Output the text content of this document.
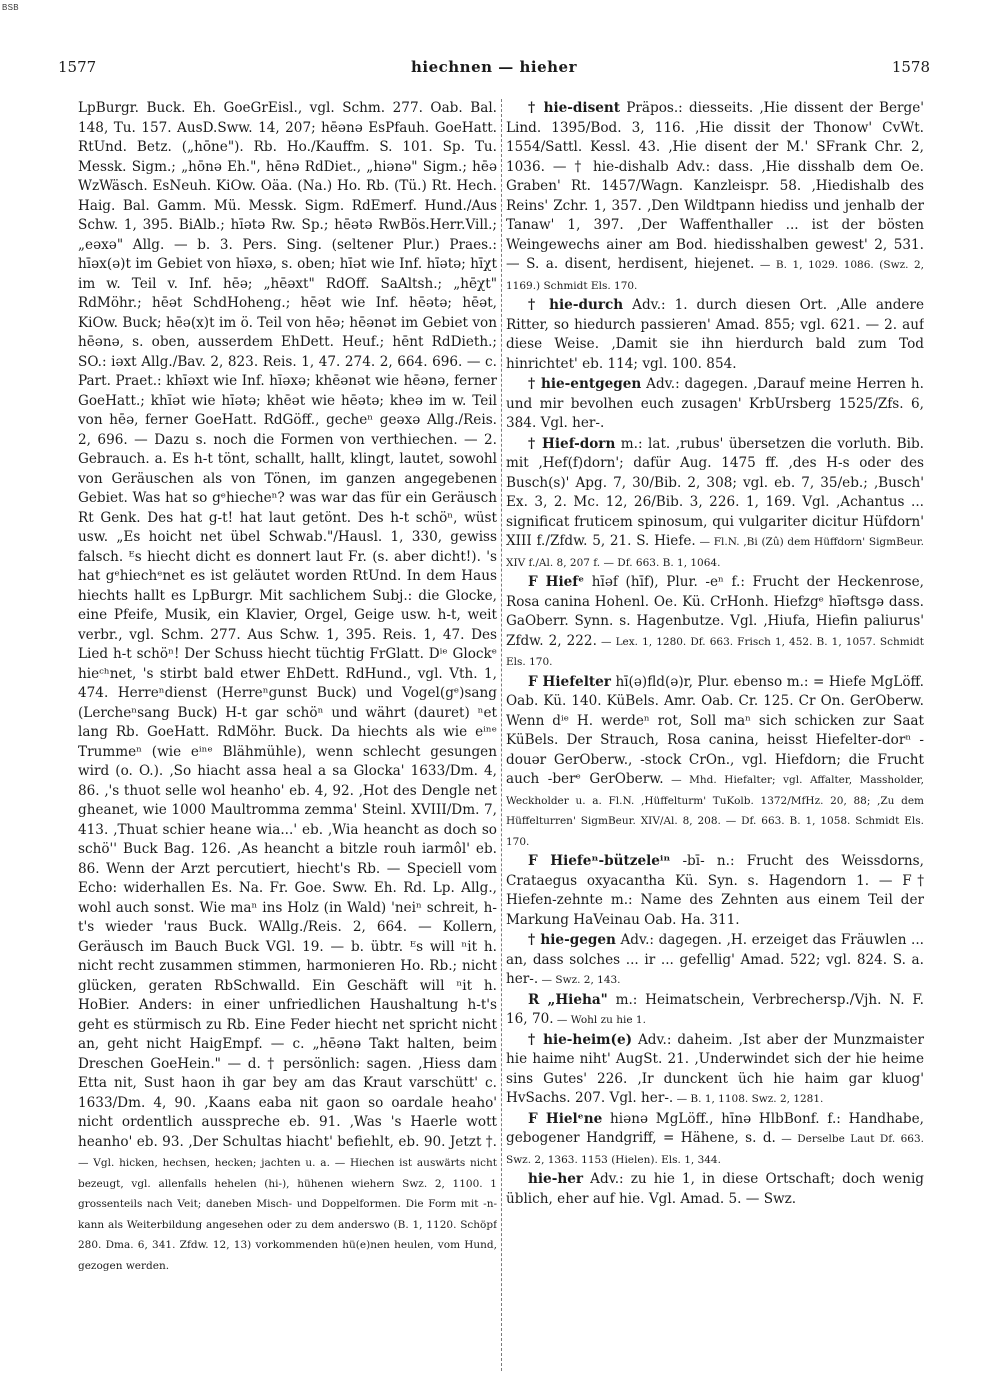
BSB
1577	hiechnen — hieher	1578

LpBurgr. Buck. Eh. GoeGrEisl., vgl. Schm. 277. Oab. Bal. 148, Tu. 157. AusD.Sww. 14, 207; hēənə EsPfauh. GoeHatt. RtUnd. Betz. („hōne"). Rb. Ho./Kauffm. S. 101. Sp. Tu. Messk. Sigm.; „hōnə Eh.", hēnə RdDiet., „hiənə" Sigm.; hēə WzWäsch. EsNeuh. KiOw. Oäa. (Na.) Ho. Rb. (Tü.) Rt. Hech. Haig. Bal. Gamm. Mü. Messk. Sigm. RdEmerf. Hund./Aus Schw. 1, 395. BiAlb.; hīətə Rw. Sp.; hēətə RwBös.Herr.Vill.; „eəxə" Allg. — b. 3. Pers. Sing. (seltener Plur.) Praes.: hīəx(ə)t im Gebiet von hīəxə, s. oben; hīət wie Inf. hīətə; hīχt im w. Teil v. Inf. hēə; „hēəxt" RdOff. SaAltsh.; „hēχt" RdMöhr.; hēət SchdHoheng.; hēət wie Inf. hēətə; hēət, KiOw. Buck; hēə(x)t im ö. Teil von hēə; hēənət im Gebiet von hēənə, s. oben, ausserdem EhDett. Heuf.; hēnt RdDieth.; SO.: iəxt Allg./Bav. 2, 823. Reis. 1, 47. 274. 2, 664. 696. — c. Part. Praet.: khīəxt wie Inf. hīəxə; khēənət wie hēənə, ferner GoeHatt.; khīət wie hīətə; khēət wie hēətə; kheə im w. Teil von hēə, ferner GoeHatt. RdGöff., gecheⁿ geəxə Allg./Reis. 2, 696. — Dazu s. noch die Formen von verthiechen. — 2. Gebrauch. a. Es h-t tönt, schallt, hallt, klingt, lautet, sowohl von Geräuschen als von Tönen, im ganzen angegebenen Gebiet. Was hat so gᵉhiecheⁿ? was war das für ein Geräusch Rt Genk. Des hat g-t! hat laut getönt. Des h-t schöⁿ, wüst usw. „Es hoicht net übel Schwab."/Hausl. 1, 330, gewiss falsch. ᴱs hiecht dicht es donnert laut Fr. (s. aber dicht!). 's hat gᵉhiechᵉnet es ist geläutet worden RtUnd. In dem Haus hiechts hallt es LpBurgr. Mit sachlichem Subj.: die Glocke, eine Pfeife, Musik, ein Klavier, Orgel, Geige usw. h-t, weit verbr., vgl. Schm. 277. Aus Schw. 1, 395. Reis. 1, 47. Des Lied h-t schöⁿ! Der Schuss hiecht tüchtig FrGlatt. Dⁱᵉ Glockᵉ hieᶜʰnet, 's stirbt bald etwer EhDett. RdHund., vgl. Vth. 1, 474. Herreⁿdienst (Herreⁿgunst Buck) und Vogel(gᵉ)sang (Lercheⁿsang Buck) H-t gar schöⁿ und währt (dauret) ⁿet lang Rb. GoeHatt. RdMöhr. Buck. Da hiechts als wie eⁱⁿᵉ Trummeⁿ (wie eⁱⁿᵉ Blähmühle), wenn schlecht gesungen wird (o. O.). ‚So hiacht assa heal a sa Glocka' 1633/Dm. 4, 86. ‚'s thuot selle wol heanho' eb. 4, 92. ‚Hot des Dengle net gheanet, wie 1000 Maultromma zemma' Steinl. XVIII/Dm. 7, 413. ‚Thuat schier heane wia...' eb. ‚Wia heancht as doch so schö'' Buck Bag. 126. ‚As heancht a bitzle rouh iarmôl' eb. 86. Wenn der Arzt percutiert, hiecht's Rb. — Speciell vom Echo: widerhallen Es. Na. Fr. Goe. Sww. Eh. Rd. Lp. Allg., wohl auch sonst. Wie maⁿ ins Holz (in Wald) 'neiⁿ schreit, h-t's wieder 'raus Buck. WAllg./Reis. 2, 664. — Kollern, Geräusch im Bauch Buck VGl. 19. — b. übtr. ᴱs will ⁿit h. nicht recht zusammen stimmen, harmonieren Ho. Rb.; nicht glücken, geraten RbSchwalld. Ein Geschäft will ⁿit h. HoBier. Anders: in einer unfriedlichen Haushaltung h-t's geht es stürmisch zu Rb. Eine Feder hiecht net spricht nicht an, geht nicht HaigEmpf. — c. „hēənə Takt halten, beim Dreschen GoeHein." — d. † persönlich: sagen. ‚Hiess dam Etta nit, Sust haon ih gar bey am das Kraut varschütt' c. 1633/Dm. 4, 90. ‚Kaans eaba nit gaon so oardale heaho' nicht ordentlich ausspreche eb. 91. ‚Was 's Haerle wott heanho' eb. 93. ‚Der Schultas hiacht' befiehlt, eb. 90. Jetzt †. — Vgl. hicken, hechsen, hecken; jachten u. a. — Hiechen ist auswärts nicht bezeugt, vgl. allenfalls hehelen (hi-), hühenen wiehern Swz. 2, 1100. 1 grossenteils nach Veit; daneben Misch- und Doppelformen. Die Form mit -n- kann als Weiterbildung angesehen oder zu dem anderswo (B. 1, 1120. Schöpf 280. Dma. 6, 341. Zfdw. 12, 13) vorkommenden hü(e)nen heulen, vom Hund, gezogen werden.

† hie-disent Präpos.: diesseits. ‚Hie dissent der Berge' Lind. 1395/Bod. 3, 116. ‚Hie dissit der Thonow' CvWt. 1554/Sattl. Kessl. 43. ‚Hie disent der M.' SFrank Chr. 2, 1036. — † hie-dishalb Adv.: dass. ‚Hie disshalb dem Oe. Graben' Rt. 1457/Wagn. Kanzleispr. 58. ‚Hiedishalb des Reins' Zchr. 1, 357. ‚Den Wildtpann hiediss und jenhalb der Tanaw' 1, 397. ‚Der Waffenthaller ... ist der bösten Weingewechs ainer am Bod. hiedisshalben gewest' 2, 531. — S. a. disent, herdisent, hiejenet. — B. 1, 1029. 1086. (Swz. 2, 1169.) Schmidt Els. 170.

† hie-durch Adv.: 1. durch diesen Ort. ‚Alle andere Ritter, so hiedurch passieren' Amad. 855; vgl. 621. — 2. auf diese Weise. ‚Damit sie ihn hierdurch bald zum Tod hinrichtet' eb. 114; vgl. 100. 854.

† hie-entgegen Adv.: dagegen. ‚Darauf meine Herren h. und mir bevolhen euch zusagen' KrbUrsberg 1525/Zfs. 6, 384. Vgl. her-.

† Hief-dorn m.: lat. ‚rubus' übersetzen die vorluth. Bib. mit ‚Hef(f)dorn'; dafür Aug. 1475 ff. ‚des H-s oder des Busch(s)' Apg. 7, 30/Bib. 2, 308; vgl. eb. 7, 35/eb.; ‚Busch' Ex. 3, 2. Mc. 12, 26/Bib. 3, 226. 1, 169. Vgl. ‚Achantus ... significat fruticem spinosum, qui vulgariter dicitur Hüfdorn' XIII f./Zfdw. 5, 21. S. Hiefe. — Fl.N. ‚Bi (Zû) dem Hüffdorn' SigmBeur. XIV f./Al. 8, 207 f. — Df. 663. B. 1, 1064.

F Hiefᵉ hīəf (hīf), Plur. -eⁿ f.: Frucht der Heckenrose, Rosa canina Hohenl. Oe. Kü. CrHonh. Hiefzgᵉ hīəftsgə dass. GaOberr. Synn. s. Hagenbutze. Vgl. ‚Hiufa, Hiefin paliurus' Zfdw. 2, 222. — Lex. 1, 1280. Df. 663. Frisch 1, 452. B. 1, 1057. Schmidt Els. 170.

F Hiefelter hī(ə)fld(ə)r, Plur. ebenso m.: = Hiefe MgLöff. Oab. Kü. 140. KüBels. Amr. Oab. Cr. 125. Cr On. GerOberw. Wenn dⁱᵉ H. werdeⁿ rot, Soll maⁿ sich schicken zur Saat KüBels. Der Strauch, Rosa canina, heisst Hiefelter-dorⁿ -douər GerOberw., -stock CrOn., vgl. Hiefdorn; die Frucht auch -berᵉ GerOberw. — Mhd. Hiefalter; vgl. Affalter, Massholder, Weckholder u. a. Fl.N. ‚Hüffelturm' TuKolb. 1372/MfHz. 20, 88; ‚Zu dem Hüffelturren' SigmBeur. XIV/Al. 8, 208. — Df. 663. B. 1, 1058. Schmidt Els. 170.

F Hiefeⁿ-bützeleⁱⁿ -bī- n.: Frucht des Weissdorns, Crataegus oxyacantha Kü. Syn. s. Hagendorn 1. — F† Hiefen-zehnte m.: Name des Zehnten aus einem Teil der Markung HaVeinau Oab. Ha. 311.

† hie-gegen Adv.: dagegen. ‚H. erzeiget das Fräuwlen ... an, dass solches ... ir ... gefellig' Amad. 522; vgl. 824. S. a. her-. — Swz. 2, 143.

R „Hieha" m.: Heimatschein, Verbrechersp./Vjh. N. F. 16, 70. — Wohl zu hie 1.

† hie-heim(e) Adv.: daheim. ‚Ist aber der Munzmaister hie haime niht' AugSt. 21. ‚Underwindet sich der hie heime sins Gutes' 226. ‚Ir dunckent üch hie haim gar kluog' HvSachs. 207. Vgl. her-. — B. 1, 1108. Swz. 2, 1281.

F Hielᵉne hiənə MgLöff., hīnə HlbBonf. f.: Handhabe, gebogener Handgriff, = Hähene, s. d. — Derselbe Laut Df. 663. Swz. 2, 1363. 1153 (Hielen). Els. 1, 344.

hie-her Adv.: zu hie 1, in diese Ortschaft; doch wenig üblich, eher auf hie. Vgl. Amad. 5. — Swz.
